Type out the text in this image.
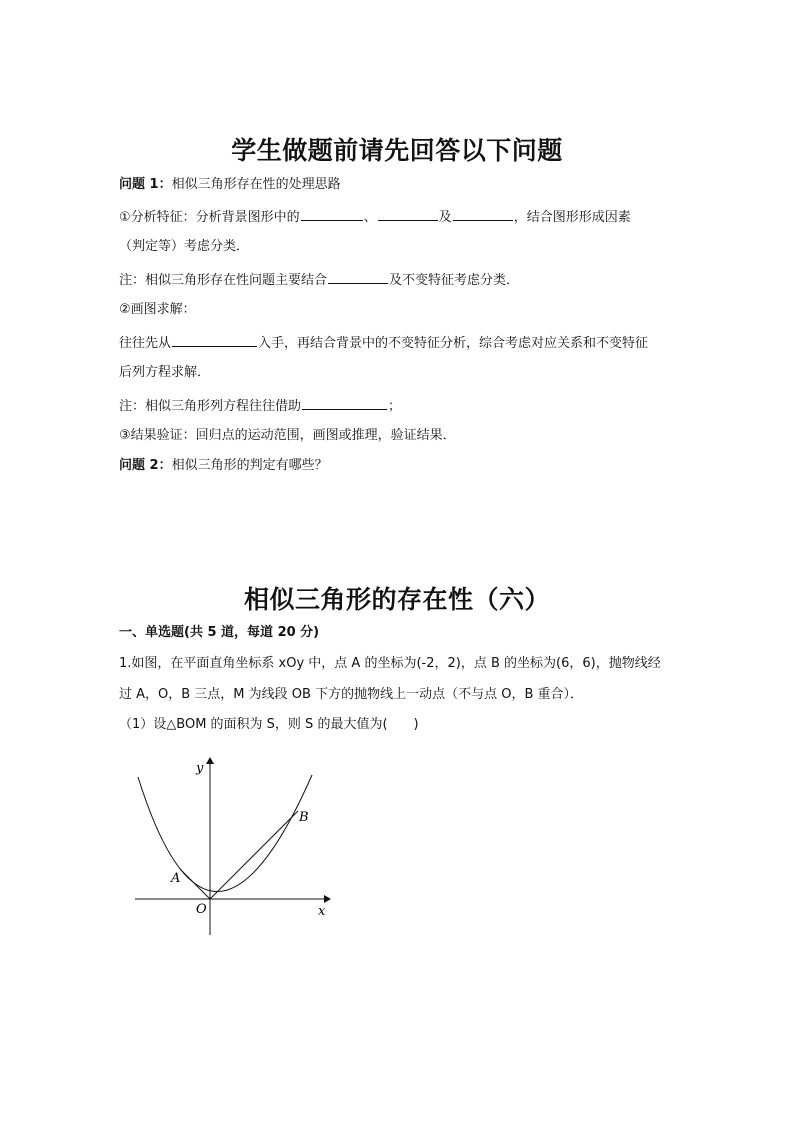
学生做题前请先回答以下问题
问题 1：相似三角形存在性的处理思路
①分析特征：分析背景图形中的	、	及	，结合图形形成因素
（判定等）考虑分类．
注：相似三角形存在性问题主要结合	及不变特征考虑分类．
②画图求解：
往往先从	入手，再结合背景中的不变特征分析，综合考虑对应关系和不变特征
后列方程求解．
注：相似三角形列方程往往借助	；
③结果验证：回归点的运动范围，画图或推理，验证结果．
问题 2：相似三角形的判定有哪些？
相似三角形的存在性（六）
一、单选题(共 5 道，每道 20 分)
1.如图，在平面直角坐标系 xOy 中，点 A 的坐标为(-2，2)，点 B 的坐标为(6，6)，抛物线经
过 A，O，B 三点，M 为线段 OB 下方的抛物线上一动点（不与点 O，B 重合）．
（1）设△BOM 的面积为 S，则 S 的最大值为(　　)
y
x
O
A
B
